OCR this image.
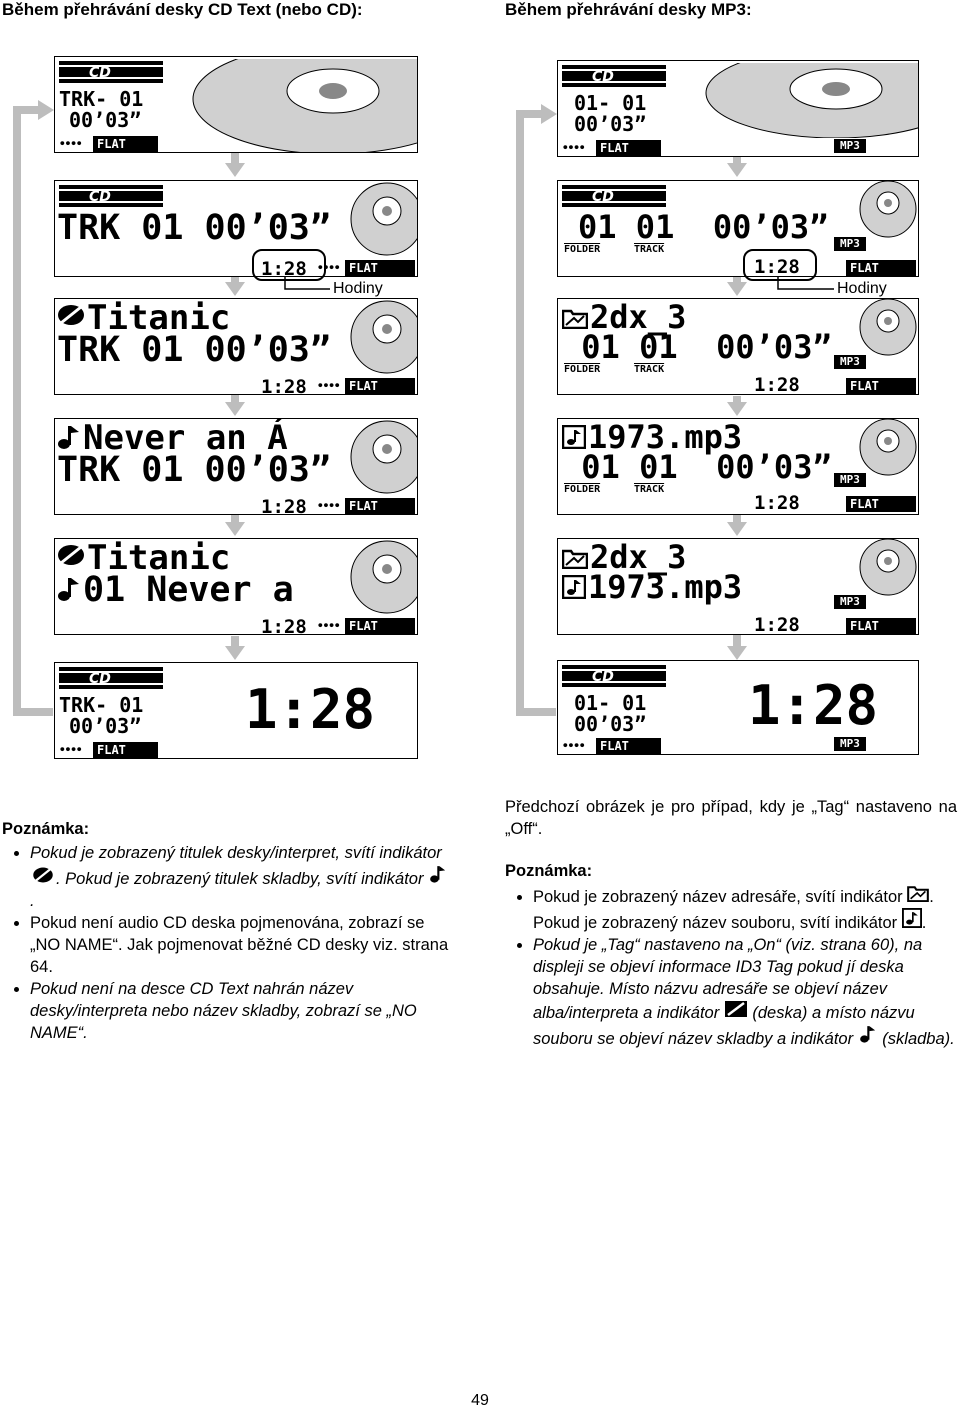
Během přehrávání desky CD Text (nebo CD):	Během přehrávání desky MP3:
CD
TRK- 01
00’03”
∙∙∙∙	FLAT
CD
TRK 01 00’03”
1:28 ∙∙∙∙ FLAT
Hodiny
Titanic
TRK 01 00’03”
1:28 ∙∙∙∙ FLAT
Never an Á
TRK 01 00’03”
1:28 ∙∙∙∙ FLAT
Titanic
01 Never a
1:28 ∙∙∙∙ FLAT
CD
TRK- 01
00’03”
∙∙∙∙	FLAT
1:28
CD
01- 01
00’03”
∙∙∙∙	FLAT	MP3
CD
01 01  00’03”
FOLDER	TRACK	MP3
1:28	FLAT
Hodiny
2dx_3
01 01  00’03”
FOLDER	TRACK
MP3
1:28	FLAT
1973.mp3
01 01  00’03”
FOLDER	TRACK
MP3
1:28	FLAT
2dx_3
1973.mp3	MP3
1:28	FLAT
CD
01- 01
00’03”
∙∙∙∙	FLAT
1:28
MP3
Poznámka:
• Pokud je zobrazený titulek desky/interpret, svítí indikátor . Pokud je zobrazený titulek skladby, svítí indikátor .
• Pokud není audio CD deska pojmenována, zobrazí se „NO NAME“. Jak pojmenovat běžné CD desky viz. strana 64.
• Pokud není na desce CD Text nahrán název desky/interpreta nebo název skladby, zobrazí se „NO NAME“.
Předchozí obrázek je pro případ, kdy je „Tag“ nastaveno na „Off“.
Poznámka:
• Pokud je zobrazený název adresáře, svítí indikátor . Pokud je zobrazený název souboru, svítí indikátor .
• Pokud je „Tag“ nastaveno na „On“ (viz. strana 60), na displeji se objeví informace ID3 Tag pokud jí deska obsahuje. Místo názvu adresáře se objeví název alba/interpreta a indikátor  (deska) a místo názvu souboru se objeví název skladby a indikátor  (skladba).
49
